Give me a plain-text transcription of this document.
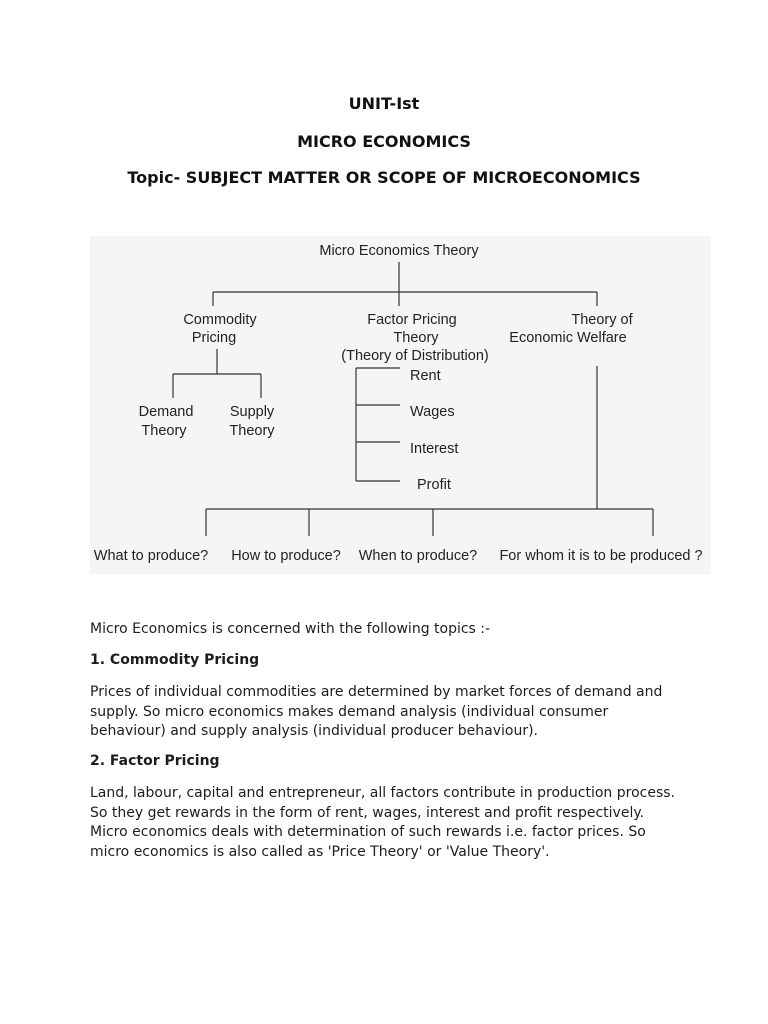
UNIT-Ist
MICRO ECONOMICS
Topic- SUBJECT MATTER OR SCOPE OF MICROECONOMICS
Micro Economics Theory
Commodity
Pricing
Factor Pricing
Theory
(Theory of Distribution)
Theory of
Economic Welfare
Demand
Theory
Supply
Theory
Rent
Wages
Interest
Profit
What to produce? How to produce? When to produce? For whom it is to be produced ?
Micro Economics is concerned with the following topics :-
1. Commodity Pricing
Prices of individual commodities are determined by market forces of demand and supply. So micro economics makes demand analysis (individual consumer behaviour) and supply analysis (individual producer behaviour).
2. Factor Pricing
Land, labour, capital and entrepreneur, all factors contribute in production process. So they get rewards in the form of rent, wages, interest and profit respectively. Micro economics deals with determination of such rewards i.e. factor prices. So micro economics is also called as 'Price Theory' or 'Value Theory'.
